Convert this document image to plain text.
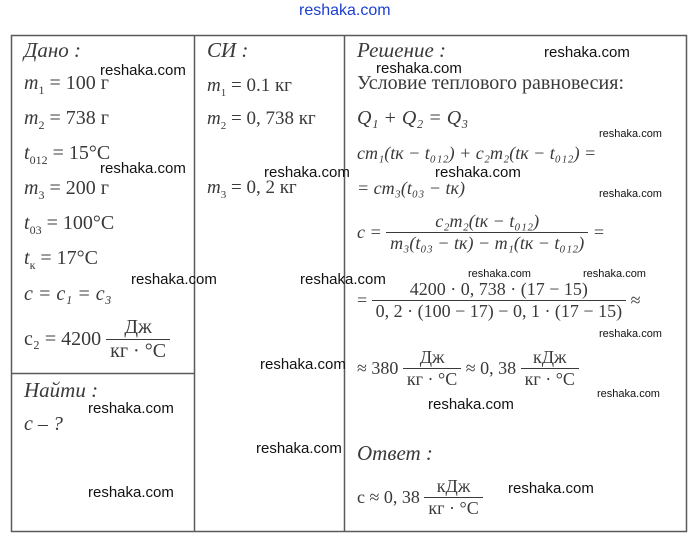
reshaka.com
Дано :
$m_1 = 100$ г
$m_2 = 738$ г
$t_{012} = 15^\circ C$
$m_3 = 200$ г
$t_{03} = 100^\circ C$
$t_к = 17^\circ C$
c = c₁ = c₃
c₂ = 4200

Дж
кг · °С
Найти :
c – ?
СИ :
$m_1 = 0.1$ кг
$m_2 = 0$, 738 кг
$m_3 = 0$, 2 кг
Решение :
Условие теплового равновесия:
Q₁ + Q₂ = Q₃
cm₁(tк − t₀₁₂) + c₂m₂(tк − t₀₁₂) =
= cm₃(t₀₃ − tк)
c =

c₂m₂(tк − t₀₁₂)
m₃(t₀₃ − tк) − m₁(tк − t₀₁₂)

=
=
$\frac{4200 \cdot 0, 738 \cdot (17 - 15)}{0, 2 \cdot (100 - 17) - 0, 1 \cdot (17 - 15)}$
≈
≈ 380

Дж
кг · °С

≈ 0, 38

кДж
кг · °С
Ответ :
c ≈ 0, 38

кДж
кг · °С
reshaka.com
reshaka.com	reshaka.com
reshaka.com
reshaka.com	reshaka.com	reshaka.com
reshaka.com
reshaka.com	reshaka.com
reshaka.com	reshaka.com
reshaka.com
reshaka.com
reshaka.com
reshaka.com
reshaka.com
reshaka.com
reshaka.com	reshaka.com
